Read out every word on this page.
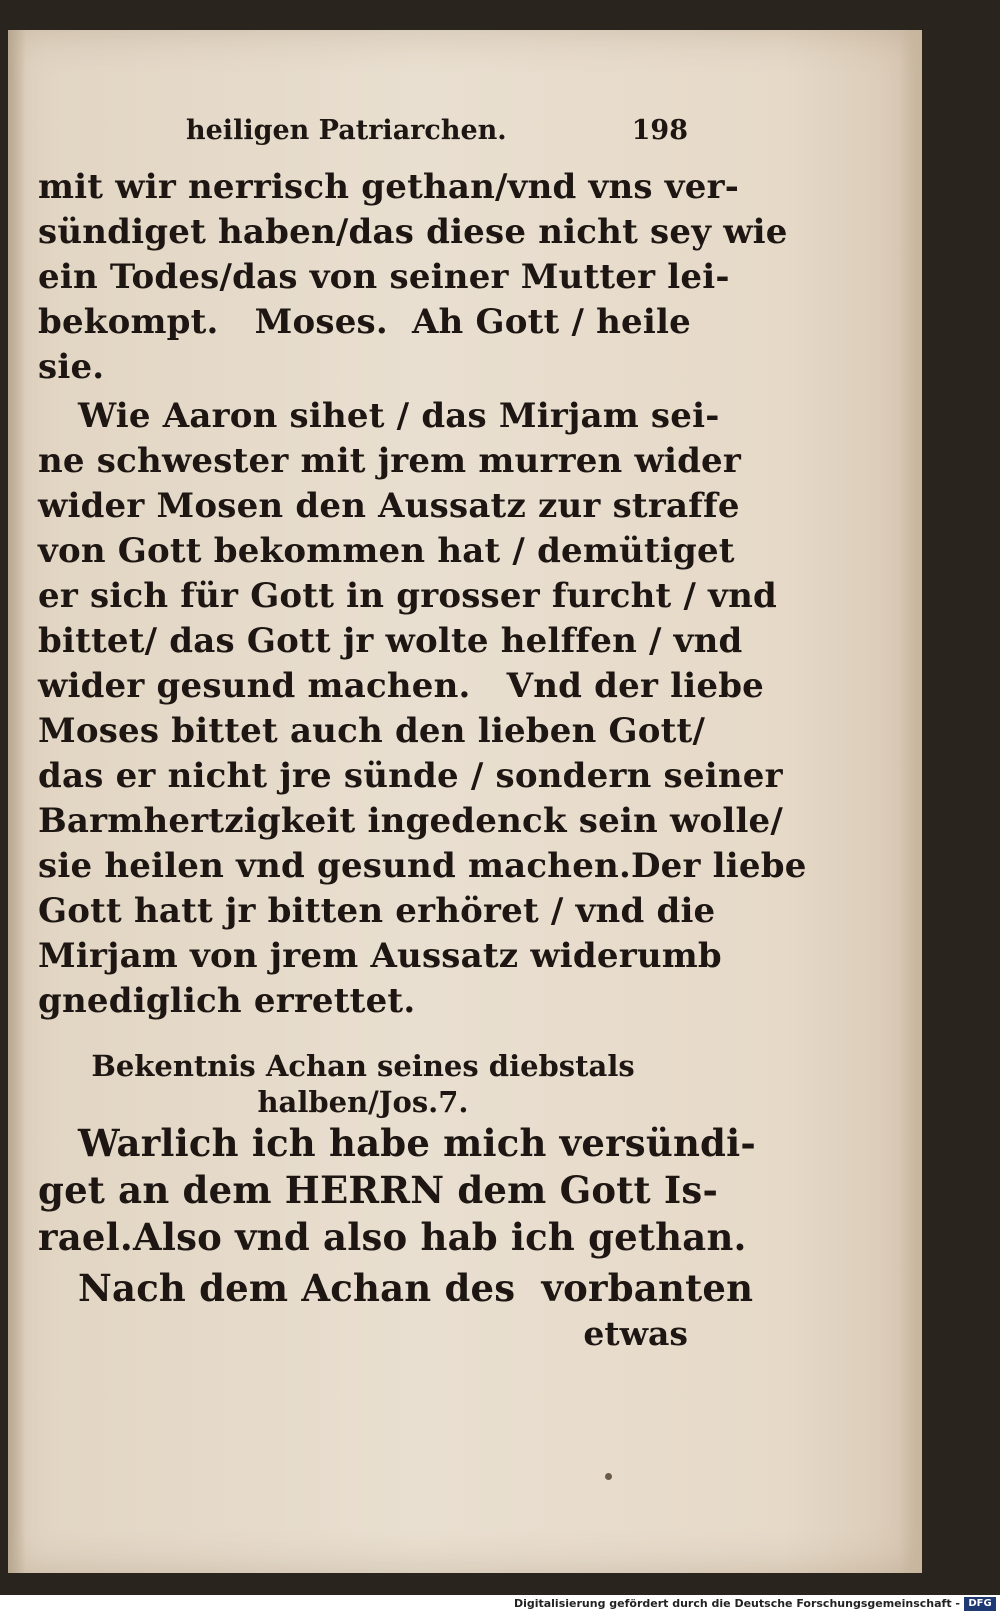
heiligen Patriarchen.	198
mit wir nerrisch gethan/vnd vns ver-
sündiget haben/das diese nicht sey wie
ein Todes/das von seiner Mutter lei-
bekompt.   Moses.  Ah Gott / heile
sie.
Wie Aaron sihet / das Mirjam sei-
ne schwester mit jrem murren wider
wider Mosen den Aussatz zur straffe
von Gott bekommen hat / demütiget
er sich für Gott in grosser furcht / vnd
bittet/ das Gott jr wolte helffen / vnd
wider gesund machen.   Vnd der liebe
Moses bittet auch den lieben Gott/
das er nicht jre sünde / sondern seiner
Barmhertzigkeit ingedenck sein wolle/
sie heilen vnd gesund machen.Der liebe
Gott hatt jr bitten erhöret / vnd die
Mirjam von jrem Aussatz widerumb
gnediglich errettet.
Bekentnis Achan seines diebstals
halben/Jos.7.
Warlich ich habe mich versündi-
get an dem HERRN dem Gott Is-
rael.Also vnd also hab ich gethan.
Nach dem Achan des  vorbanten
etwas
Digitalisierung gefördert durch die Deutsche Forschungsgemeinschaft - DFG
